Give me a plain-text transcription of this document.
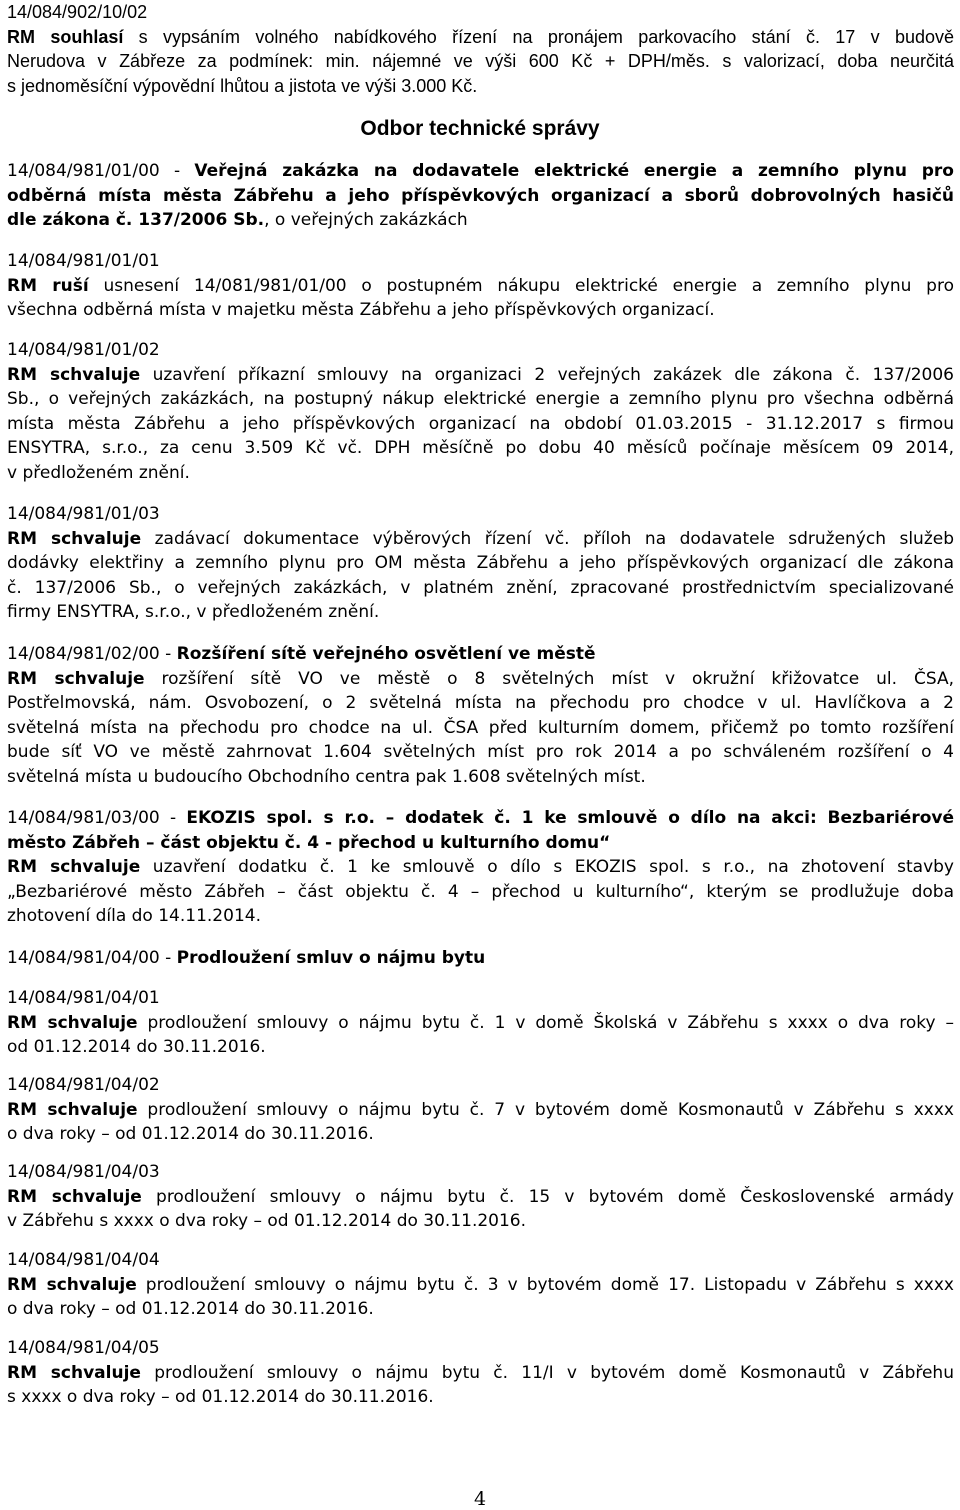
14/084/902/10/02
RM souhlasí s vypsáním volného nabídkového řízení na pronájem parkovacího stání č. 17 v budově
Nerudova v Zábřeze za podmínek: min. nájemné ve výši 600 Kč + DPH/měs. s valorizací, doba neurčitá
s jednoměsíční výpovědní lhůtou a jistota ve výši 3.000 Kč.
Odbor technické správy
14/084/981/01/00 - Veřejná zakázka na dodavatele elektrické energie a zemního plynu pro
odběrná místa města Zábřehu a jeho příspěvkových organizací a sborů dobrovolných hasičů
dle zákona č. 137/2006 Sb., o veřejných zakázkách
14/084/981/01/01
RM ruší usnesení 14/081/981/01/00 o postupném nákupu elektrické energie a zemního plynu pro
všechna odběrná místa v majetku města Zábřehu a jeho příspěvkových organizací.
14/084/981/01/02
RM schvaluje uzavření příkazní smlouvy na organizaci 2 veřejných zakázek dle zákona č. 137/2006
Sb., o veřejných zakázkách, na postupný nákup elektrické energie a zemního plynu pro všechna odběrná
místa města Zábřehu a jeho příspěvkových organizací na období 01.03.2015 - 31.12.2017 s firmou
ENSYTRA, s.r.o., za cenu 3.509 Kč vč. DPH měsíčně po dobu 40 měsíců počínaje měsícem 09 2014,
v předloženém znění.
14/084/981/01/03
RM schvaluje zadávací dokumentace výběrových řízení vč. příloh na dodavatele sdružených služeb
dodávky elektřiny a zemního plynu pro OM města Zábřehu a jeho příspěvkových organizací dle zákona
č. 137/2006 Sb., o veřejných zakázkách, v platném znění, zpracované prostřednictvím specializované
firmy ENSYTRA, s.r.o., v předloženém znění.
14/084/981/02/00 - Rozšíření sítě veřejného osvětlení ve městě
RM schvaluje rozšíření sítě VO ve městě o 8 světelných míst v okružní křižovatce ul. ČSA,
Postřelmovská, nám. Osvobození, o 2 světelná místa na přechodu pro chodce v ul. Havlíčkova a 2
světelná místa na přechodu pro chodce na ul. ČSA před kulturním domem, přičemž po tomto rozšíření
bude síť VO ve městě zahrnovat 1.604 světelných míst pro rok 2014 a po schváleném rozšíření o 4
světelná místa u budoucího Obchodního centra pak 1.608 světelných míst.
14/084/981/03/00 - EKOZIS spol. s r.o. – dodatek č. 1 ke smlouvě o dílo na akci: Bezbariérové
město Zábřeh – část objektu č. 4 - přechod u kulturního domu“
RM schvaluje uzavření dodatku č. 1 ke smlouvě o dílo s EKOZIS spol. s r.o., na zhotovení stavby
„Bezbariérové město Zábřeh – část objektu č. 4 – přechod u kulturního“, kterým se prodlužuje doba
zhotovení díla do 14.11.2014.
14/084/981/04/00 - Prodloužení smluv o nájmu bytu
14/084/981/04/01
RM schvaluje prodloužení smlouvy o nájmu bytu č. 1 v domě Školská v Zábřehu s xxxx o dva roky –
od 01.12.2014 do 30.11.2016.
14/084/981/04/02
RM schvaluje prodloužení smlouvy o nájmu bytu č. 7 v bytovém domě Kosmonautů v Zábřehu s xxxx
o dva roky – od 01.12.2014 do 30.11.2016.
14/084/981/04/03
RM schvaluje prodloužení smlouvy o nájmu bytu č. 15 v bytovém domě Československé armády
v Zábřehu s xxxx o dva roky – od 01.12.2014 do 30.11.2016.
14/084/981/04/04
RM schvaluje prodloužení smlouvy o nájmu bytu č. 3 v bytovém domě 17. Listopadu v Zábřehu s xxxx
o dva roky – od 01.12.2014 do 30.11.2016.
14/084/981/04/05
RM schvaluje prodloužení smlouvy o nájmu bytu č. 11/I v bytovém domě Kosmonautů v Zábřehu
s xxxx o dva roky – od 01.12.2014 do 30.11.2016.
4
